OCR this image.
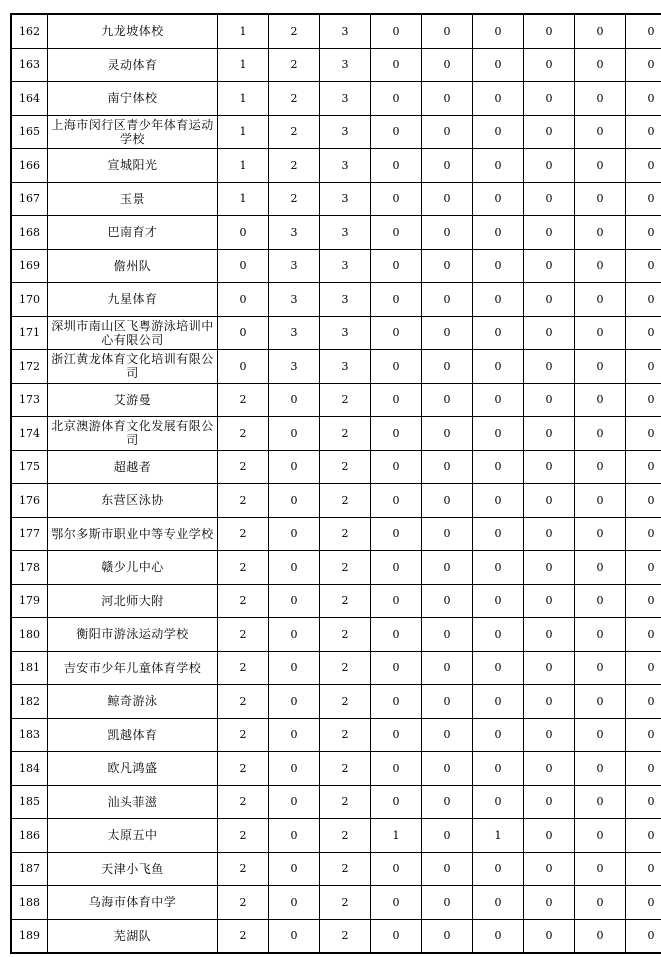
162	九龙坡体校	1	2	3	0	0	0	0	0	0
163	灵动体育	1	2	3	0	0	0	0	0	0
164	南宁体校	1	2	3	0	0	0	0	0	0
165	上海市闵行区青少年体育运动学校	1	2	3	0	0	0	0	0	0
166	宣城阳光	1	2	3	0	0	0	0	0	0
167	玉景	1	2	3	0	0	0	0	0	0
168	巴南育才	0	3	3	0	0	0	0	0	0
169	儋州队	0	3	3	0	0	0	0	0	0
170	九星体育	0	3	3	0	0	0	0	0	0
171	深圳市南山区飞粤游泳培训中心有限公司	0	3	3	0	0	0	0	0	0
172	浙江黄龙体育文化培训有限公司	0	3	3	0	0	0	0	0	0
173	艾游曼	2	0	2	0	0	0	0	0	0
174	北京澳游体育文化发展有限公司	2	0	2	0	0	0	0	0	0
175	超越者	2	0	2	0	0	0	0	0	0
176	东营区泳协	2	0	2	0	0	0	0	0	0
177	鄂尔多斯市职业中等专业学校	2	0	2	0	0	0	0	0	0
178	赣少儿中心	2	0	2	0	0	0	0	0	0
179	河北师大附	2	0	2	0	0	0	0	0	0
180	衡阳市游泳运动学校	2	0	2	0	0	0	0	0	0
181	吉安市少年儿童体育学校	2	0	2	0	0	0	0	0	0
182	鲸奇游泳	2	0	2	0	0	0	0	0	0
183	凯越体育	2	0	2	0	0	0	0	0	0
184	欧凡鸿盛	2	0	2	0	0	0	0	0	0
185	汕头菲滋	2	0	2	0	0	0	0	0	0
186	太原五中	2	0	2	1	0	1	0	0	0
187	天津小飞鱼	2	0	2	0	0	0	0	0	0
188	乌海市体育中学	2	0	2	0	0	0	0	0	0
189	芜湖队	2	0	2	0	0	0	0	0	0
